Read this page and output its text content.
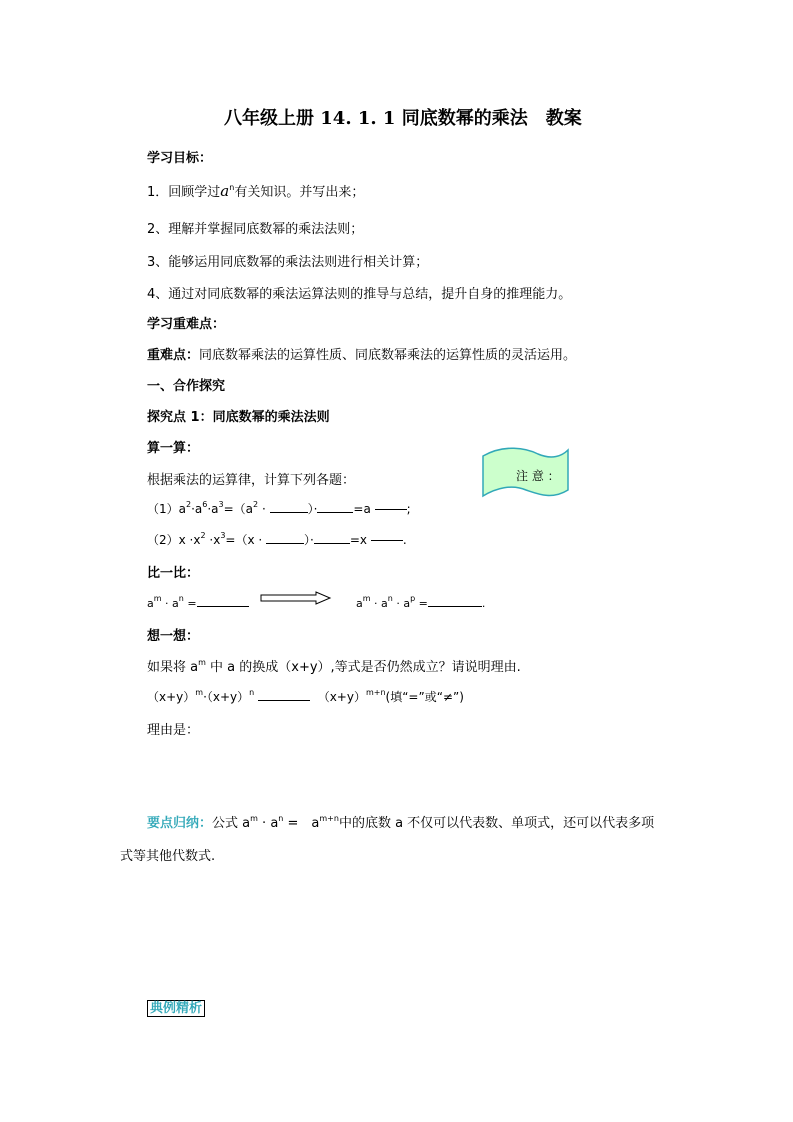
八年级上册 14. 1. 1 同底数幂的乘法　教案
学习目标：
1．回顾学过$a^n$有关知识。并写出来；
2、理解并掌握同底数幂的乘法法则；
3、能够运用同底数幂的乘法法则进行相关计算；
4、通过对同底数幂的乘法运算法则的推导与总结，提升自身的推理能力。
学习重难点：
重难点：同底数幂乘法的运算性质、同底数幂乘法的运算性质的灵活运用。
一、合作探究
探究点 1：同底数幂的乘法法则
算一算：
根据乘法的运算律，计算下列各题：
$(1)a^2\cdot a^6\cdot a^3=(a^2$ ·	）·	=a	;
$(2)x \cdot x^2 \cdot x^3=(x$ ·	）·	=x	.
注 意 ：
比一比：
$a^m \cdot a^n$ =	$a^m \cdot a^n \cdot a^p$ =	.
想一想：
如果将 $a^m$ 中 a 的换成（x+y）,等式是否仍然成立？请说明理由.
$(x+y)^m\cdot(x+y)^n$	$(x+y)^{m+n}$(填“=”或“≠”)
理由是：
要点归纳：公式 $a^m \cdot a^n$ =　$a^{m+n}$中的底数 a 不仅可以代表数、单项式，还可以代表多项
式等其他代数式.
典例精析
